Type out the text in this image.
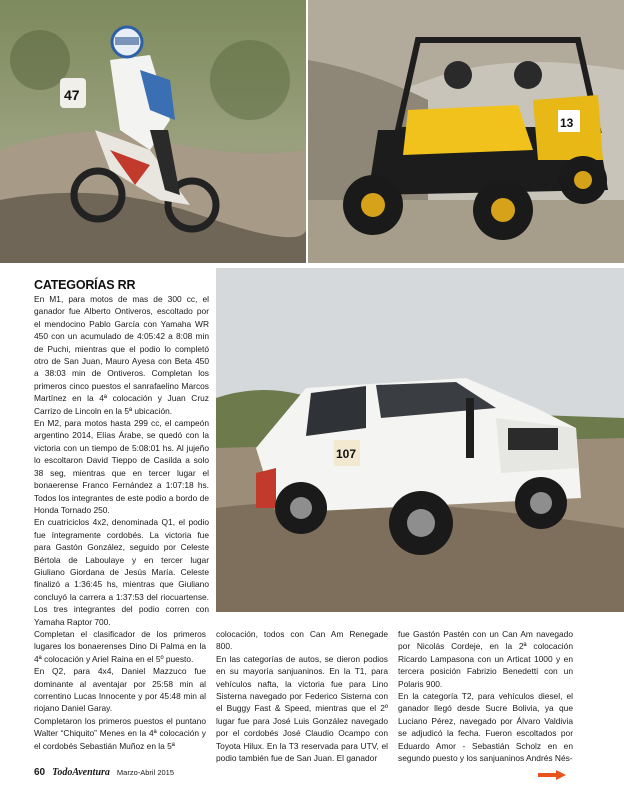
47
13
107
CATEGORÍAS RR

En M1, para motos de mas de 300 cc, el ganador fue Alberto Ontiveros, escoltado por el mendocino Pablo García con Yamaha WR 450 con un acumulado de 4:05:42 a 8:08 min de Puchi, mientras que el podio lo completó otro de San Juan, Mauro Ayesa con Beta 450 a 38:03 min de Ontiveros. Completan los primeros cinco puestos el sanrafaelino Marcos Martínez en la 4ª colocación y Juan Cruz Carrizo de Lincoln en la 5ª ubicación.

En M2, para motos hasta 299 cc, el campeón argentino 2014, Elías Árabe, se quedó con la victoria con un tiempo de 5:08:01 hs. Al jujeño lo escoltaron David Tieppo de Casilda a solo 38 seg, mientras que en tercer lugar el bonaerense Franco Fernández a 1:07:18 hs. Todos los integrantes de este podio a bordo de Honda Tornado 250.

En cuatriciclos 4x2, denominada Q1, el podio fue íntegramente cordobés. La victoria fue para Gastón González, seguido por Celeste Bértola de Laboulaye y en tercer lugar Giuliano Giordana de Jesús María. Celeste finalizó a 1:36:45 hs, mientras que Giuliano concluyó la carrera a 1:37:53 del riocuartense. Los tres integrantes del podio corren con Yamaha Raptor 700.

Completan el clasificador de los primeros lugares los bonaerenses Dino Di Palma en la 4ª colocación y Ariel Raina en el 5º puesto.

En Q2, para 4x4, Daniel Mazzuco fue dominante al aventajar por 25:58 min al correntino Lucas Innocente y por 45:48 min al riojano Daniel Garay.

Completaron los primeros puestos el puntano Walter “Chiquito” Menes en la 4ª colocación y el cordobés Sebastián Muñoz en la 5ª

colocación, todos con Can Am Renegade 800.

En las categorías de autos, se dieron podios en su mayoría sanjuaninos. En la T1, para vehículos nafta, la victoria fue para Lino Sisterna navegado por Federico Sisterna con el Buggy Fast & Speed, mientras que el 2º lugar fue para José Luis González navegado por el cordobés José Claudio Ocampo con Toyota Hilux. En la T3 reservada para UTV, el podio también fue de San Juan. El ganador

fue Gastón Pastén con un Can Am navegado por Nicolás Cordeje, en la 2ª colocación Ricardo Lampasona con un Articat 1000 y en tercera posición Fabrizio Benedetti con un Polaris 900.

En la categoría T2, para vehículos diesel, el ganador llegó desde Sucre Bolivia, ya que Luciano Pérez, navegado por Álvaro Valdivia se adjudicó la fecha. Fueron escoltados por Eduardo Amor - Sebastián Scholz en en segundo puesto y los sanjuaninos Andrés Nés-

60 TodoAventura Marzo-Abril 2015
